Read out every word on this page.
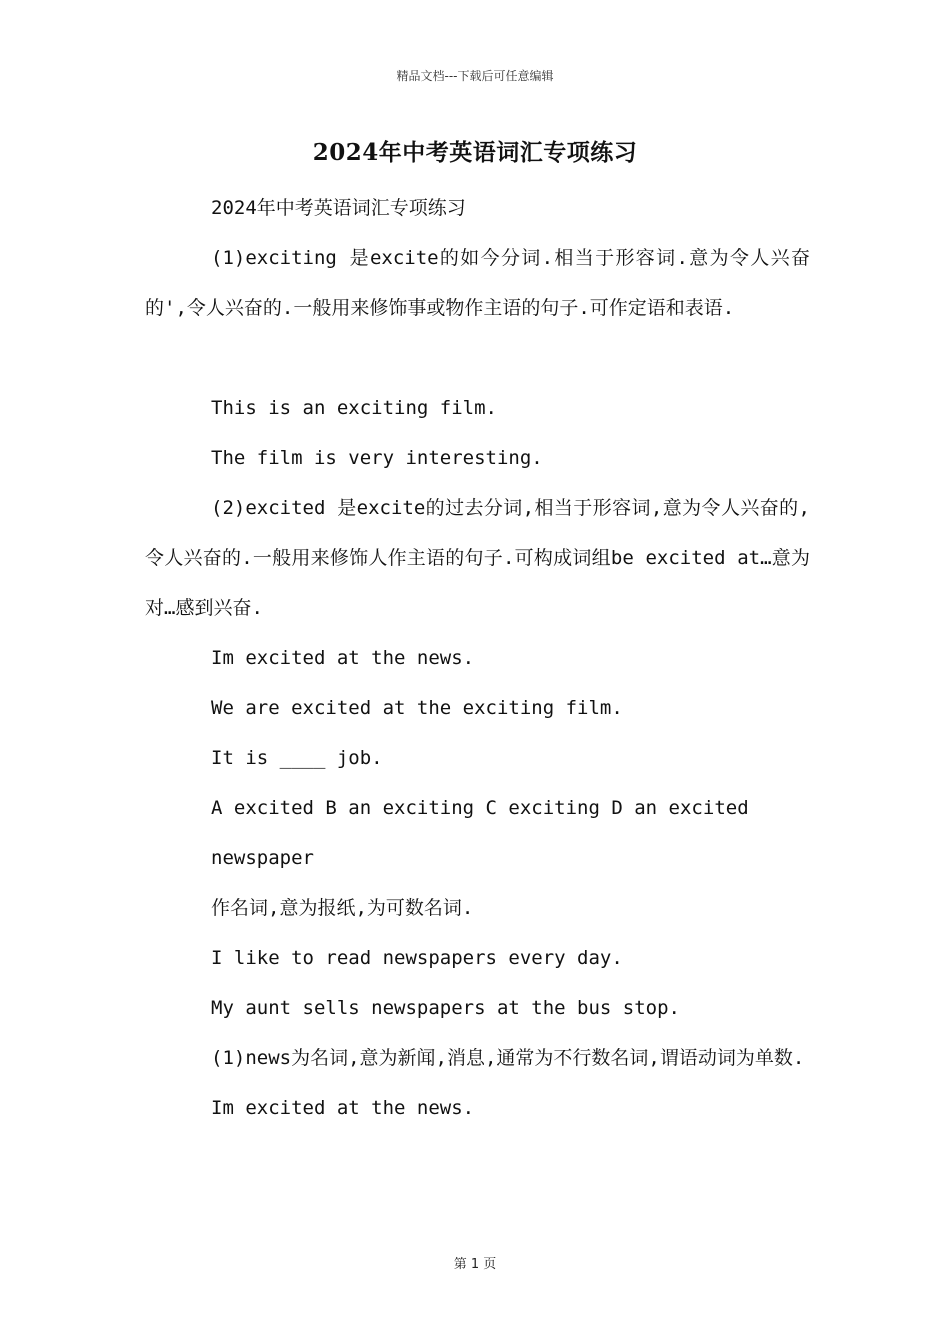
精品文档---下载后可任意编辑
2024年中考英语词汇专项练习

2024年中考英语词汇专项练习

(1)exciting 是excite的如今分词.相当于形容词.意为令人兴奋的',令人兴奋的.一般用来修饰事或物作主语的句子.可作定语和表语.

This is an exciting film.

The film is very interesting.

(2)excited 是excite的过去分词,相当于形容词,意为令人兴奋的,令人兴奋的.一般用来修饰人作主语的句子.可构成词组be excited at…意为对…感到兴奋.

Im excited at the news.

We are excited at the exciting film.

It is ____ job.

A excited B an exciting C exciting D an excited

newspaper

作名词,意为报纸,为可数名词.

I like to read newspapers every day.

My aunt sells newspapers at the bus stop.

(1)news为名词,意为新闻,消息,通常为不行数名词,谓语动词为单数.

Im excited at the news.

第 1 页
